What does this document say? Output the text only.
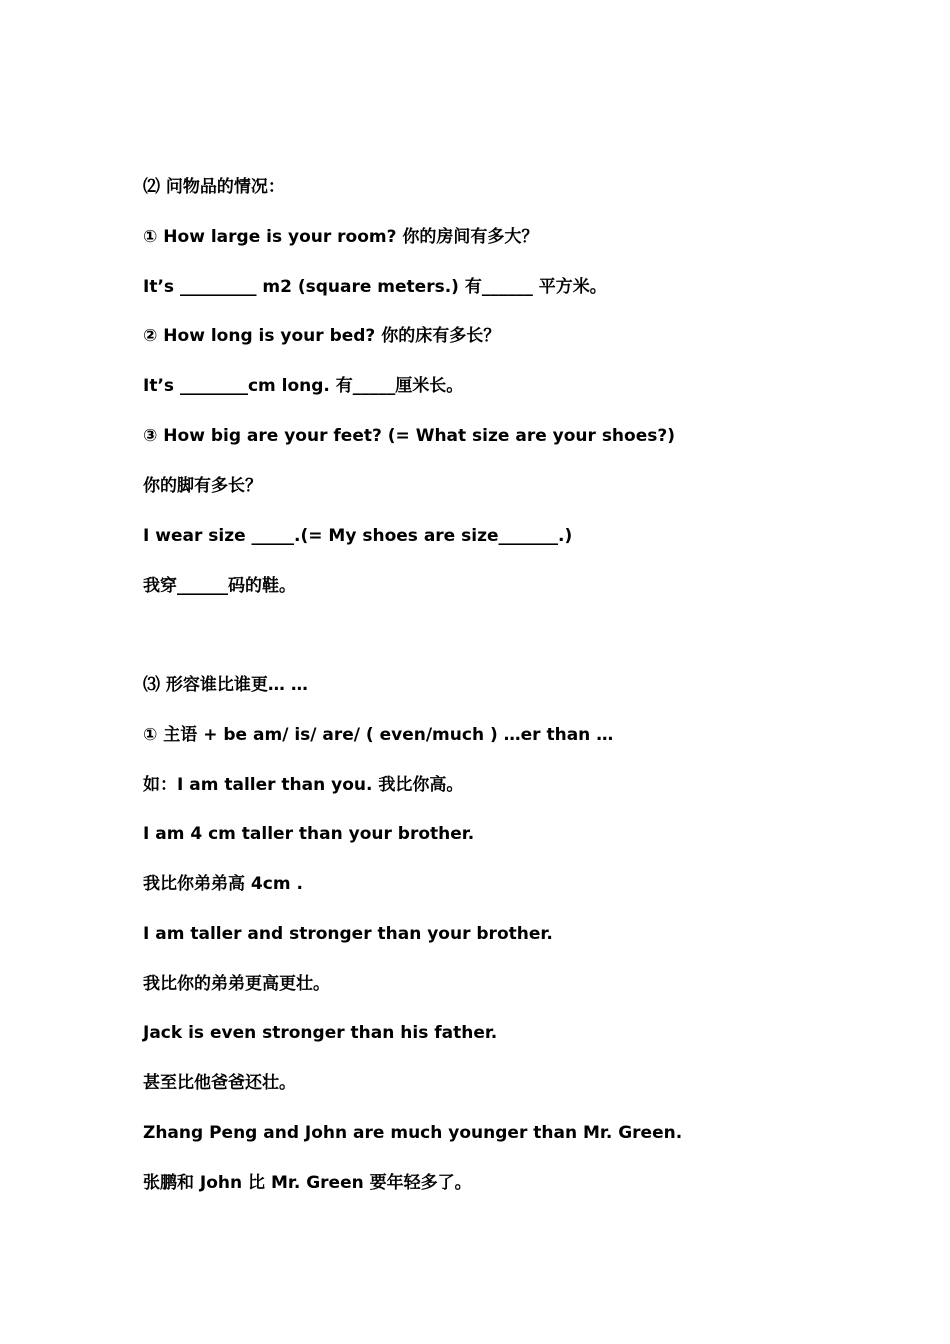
⑵ 问物品的情况：
① How large is your room? 你的房间有多大？
It’s _________ m2 (square meters.) 有______ 平方米。
② How long is your bed? 你的床有多长？
It’s ________cm long. 有_____厘米长。
③ How big are your feet? (= What size are your shoes?)
你的脚有多长？
I wear size _____.(= My shoes are size_______.)
我穿______码的鞋。
⑶ 形容谁比谁更… …
① 主语 + be am/ is/ are/ ( even/much ) …er than …
如：I am taller than you. 我比你高。
I am 4 cm taller than your brother.
我比你弟弟高 4cm .
I am taller and stronger than your brother.
我比你的弟弟更高更壮。
Jack is even stronger than his father.
甚至比他爸爸还壮。
Zhang Peng and John are much younger than Mr. Green.
张鹏和 John 比 Mr. Green 要年轻多了。
